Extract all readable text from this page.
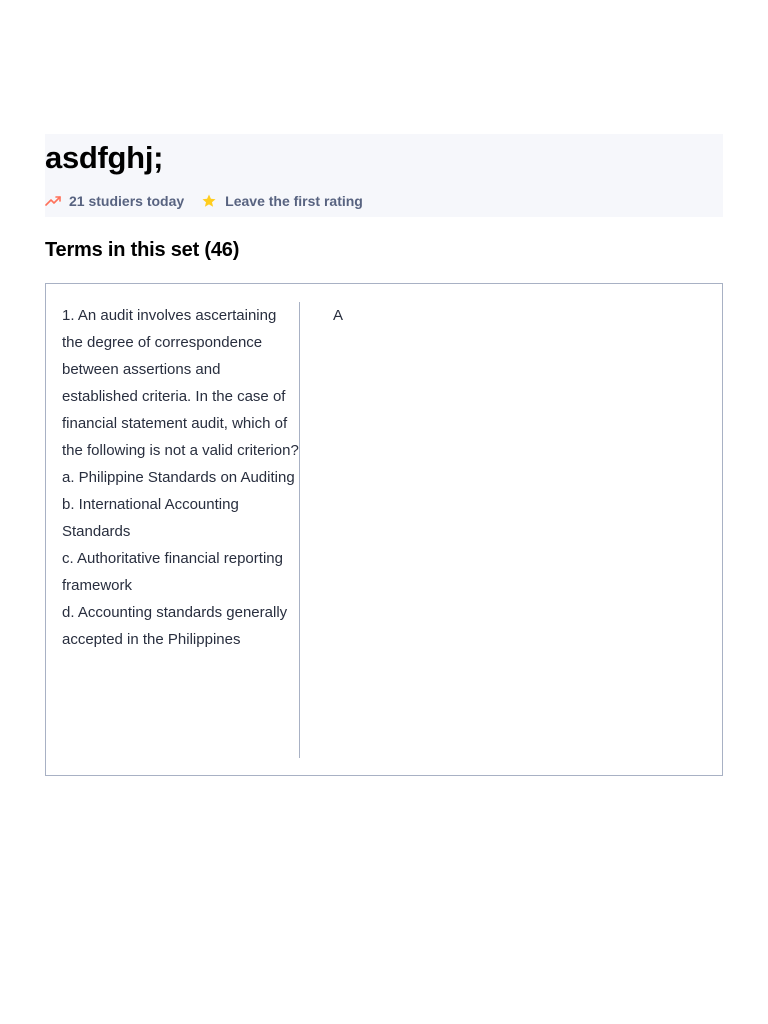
asdfghj;
21 studiers today	Leave the first rating
Terms in this set (46)

1. An audit involves ascertaining the degree of correspondence between assertions and established criteria. In the case of financial statement audit, which of the following is not a valid criterion?

a. Philippine Standards on Auditing

b. International Accounting Standards

c. Authoritative financial reporting framework

d. Accounting standards generally accepted in the Philippines

A
